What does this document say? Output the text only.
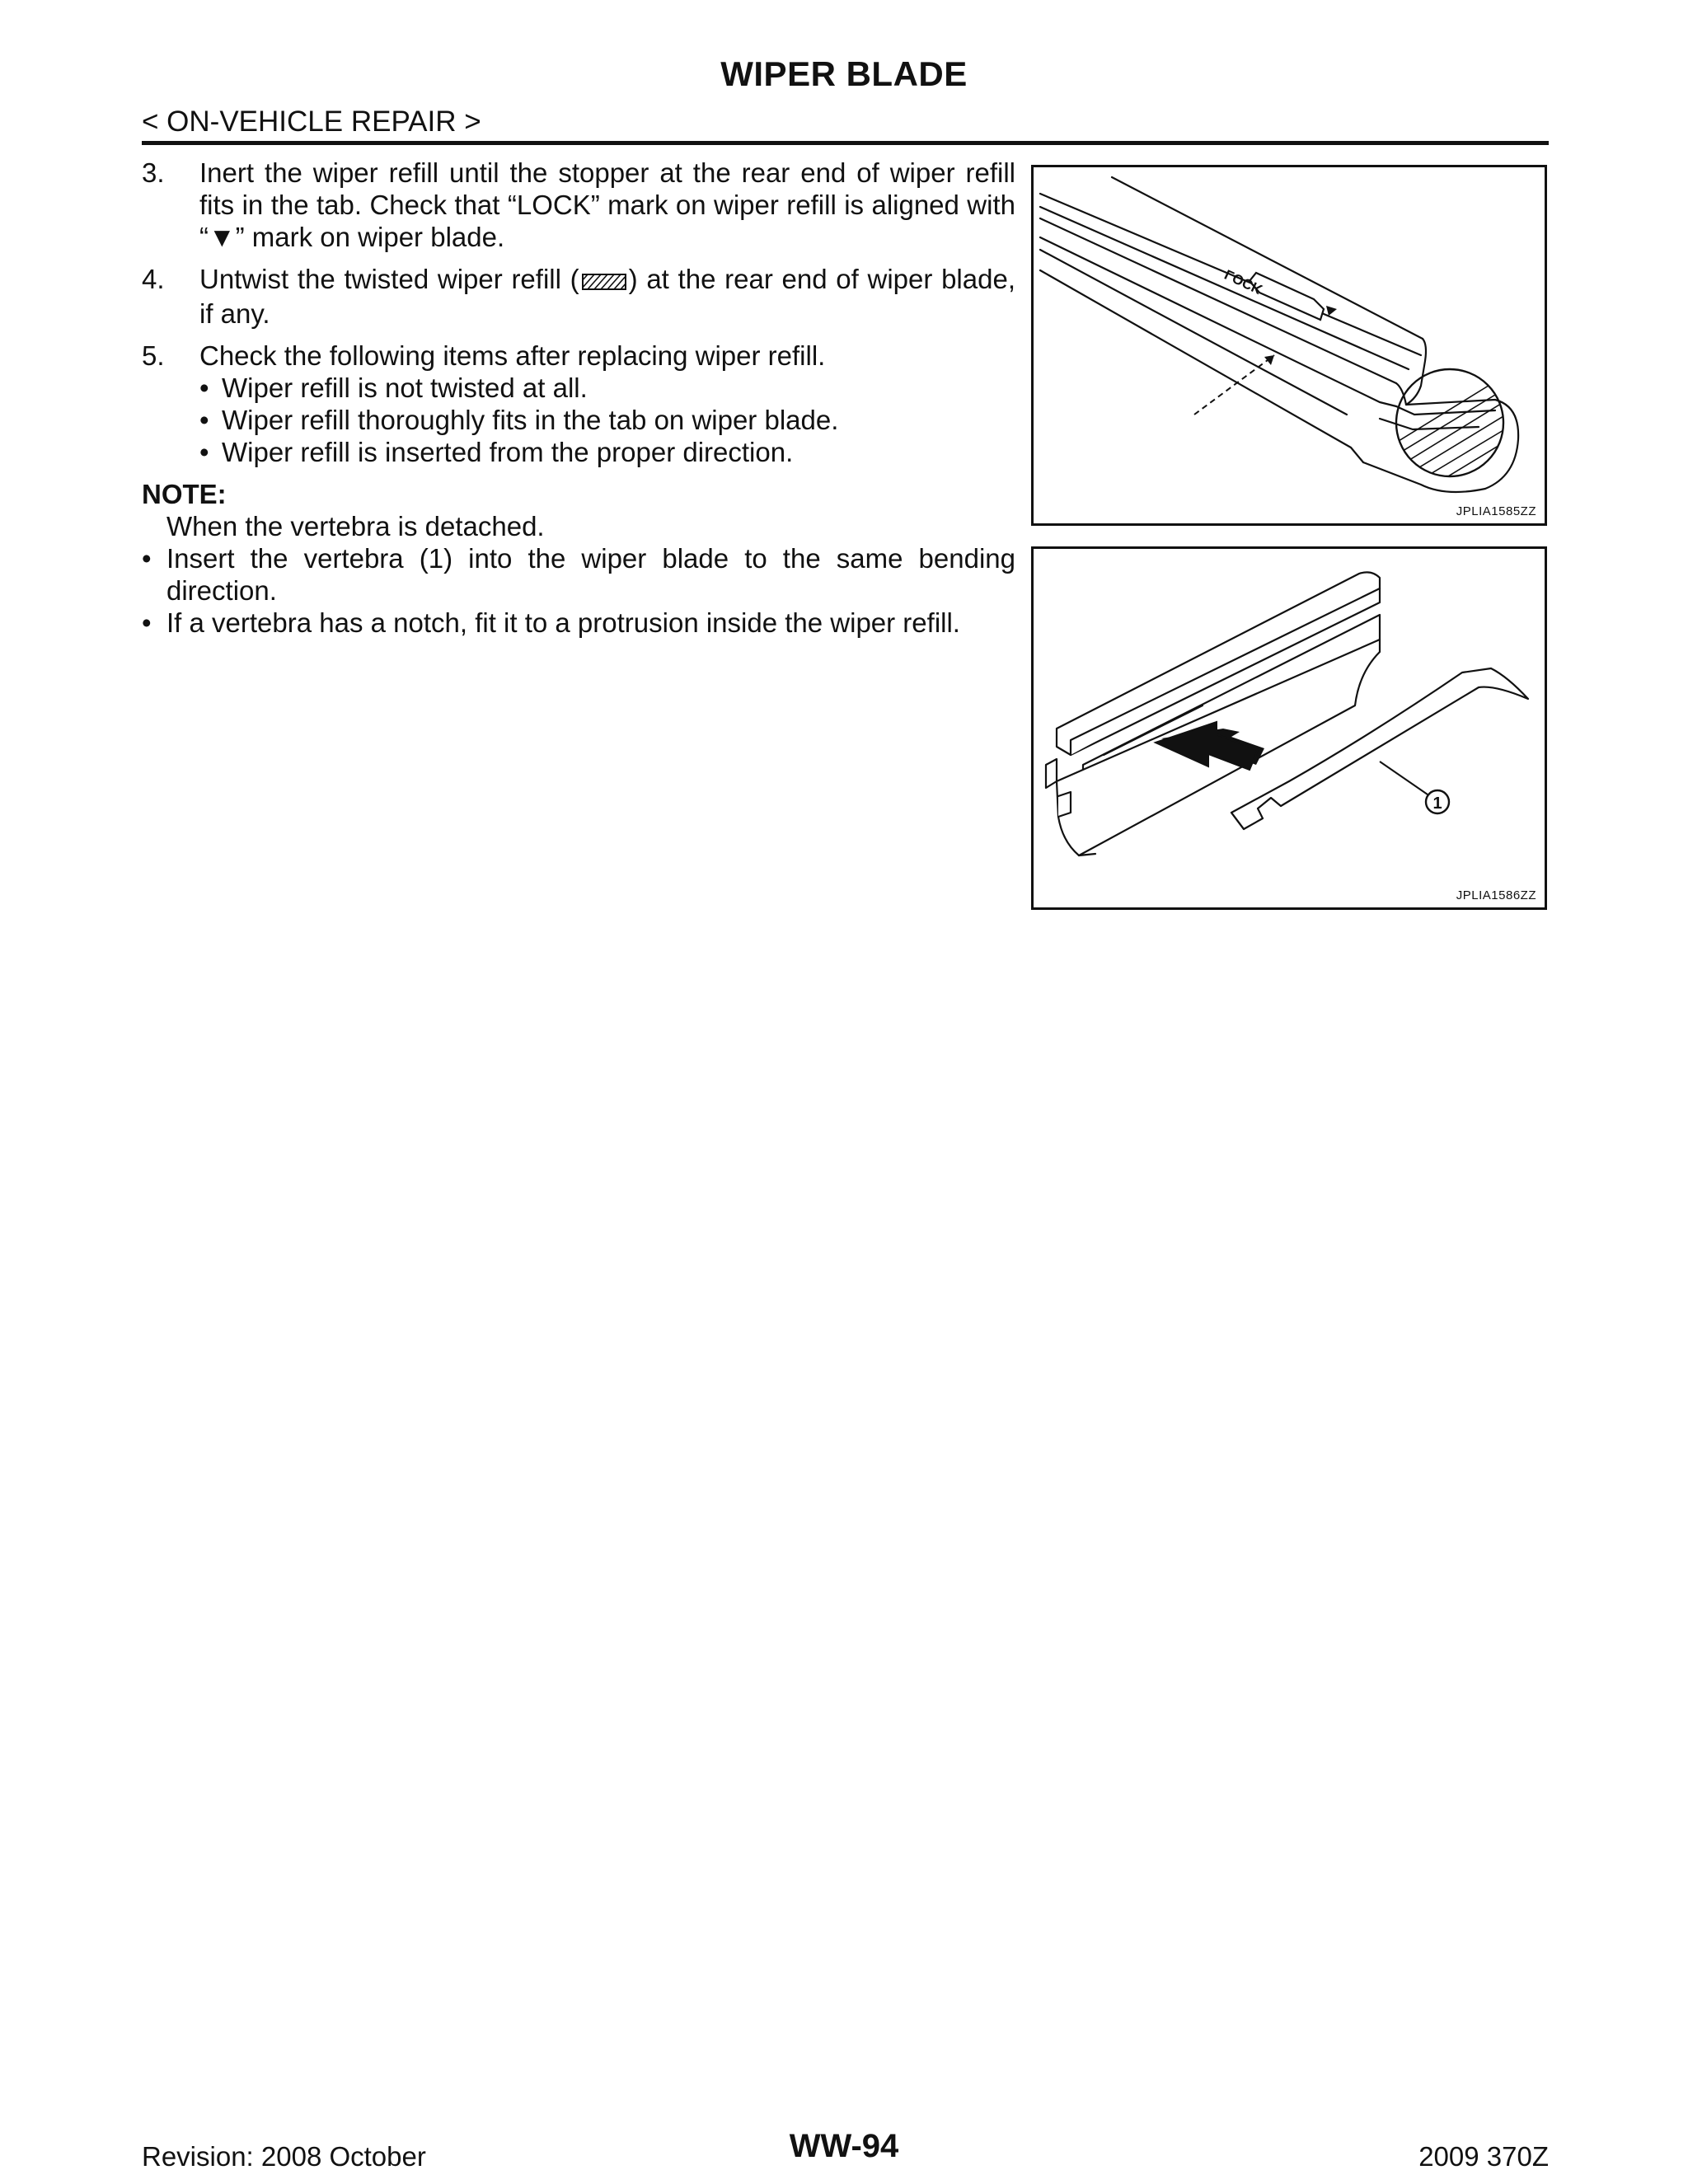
WIPER BLADE
< ON-VEHICLE REPAIR >
3.	Inert the wiper refill until the stopper at the rear end of wiper refill fits in the tab. Check that “LOCK” mark on wiper refill is aligned with “▼” mark on wiper blade.
4.	Untwist the twisted wiper refill ( ) at the rear end of wiper blade, if any.
5.	Check the following items after replacing wiper refill.
• Wiper refill is not twisted at all.
• Wiper refill thoroughly fits in the tab on wiper blade.
• Wiper refill is inserted from the proper direction.
NOTE:
When the vertebra is detached.
• Insert the vertebra (1) into the wiper blade to the same bending direction.
• If a vertebra has a notch, fit it to a protrusion inside the wiper refill.
LOCK
JPLIA1585ZZ
1
JPLIA1586ZZ
Revision: 2008 October	WW-94	2009 370Z
